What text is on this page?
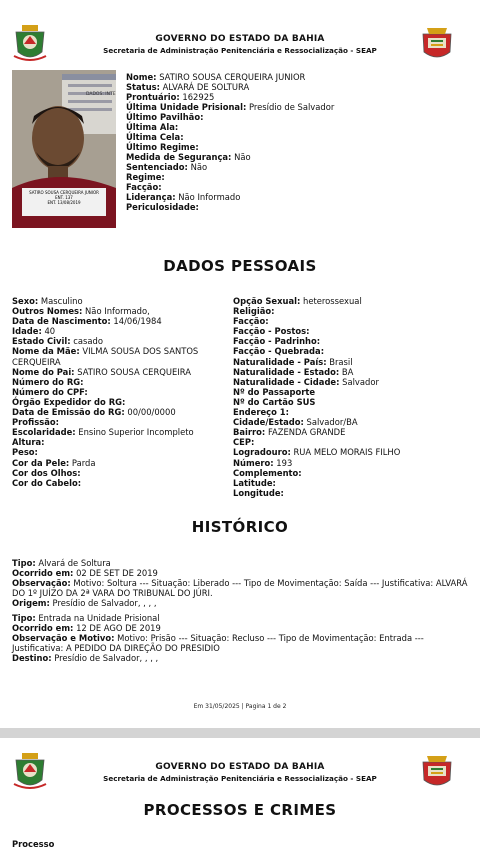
GOVERNO DO ESTADO DA BAHIA
Secretaria de Administração Penitenciária e Ressocialização - SEAP
DADOS: INTE
SATIRO SOUSA CERQUEIRA JUNIOR
ENT. 137
ENT. 13/08/2019
Nome: SATIRO SOUSA CERQUEIRA JUNIOR
Status: ALVARÁ DE SOLTURA
Prontuário: 162925
Última Unidade Prisional: Presídio de Salvador
Último Pavilhão:
Última Ala:
Última Cela:
Último Regime:
Medida de Segurança: Não
Sentenciado: Não
Regime:
Facção:
Liderança: Não Informado
Periculosidade:
DADOS PESSOAIS
Sexo: Masculino
Outros Nomes: Não Informado,
Data de Nascimento: 14/06/1984
Idade: 40
Estado Civil: casado
Nome da Mãe: VILMA SOUSA DOS SANTOS
CERQUEIRA
Nome do Pai: SATIRO SOUSA CERQUEIRA
Número do RG:
Número do CPF:
Órgão Expedidor do RG:
Data de Emissão do RG: 00/00/0000
Profissão:
Escolaridade: Ensino Superior Incompleto
Altura:
Peso:
Cor da Pele: Parda
Cor dos Olhos:
Cor do Cabelo:
Opção Sexual: heterossexual
Religião:
Facção:
Facção - Postos:
Facção - Padrinho:
Facção - Quebrada:
Naturalidade - País: Brasil
Naturalidade - Estado: BA
Naturalidade - Cidade: Salvador
Nº do Passaporte
Nº do Cartão SUS
Endereço 1:
Cidade/Estado: Salvador/BA
Bairro: FAZENDA GRANDE
CEP:
Logradouro: RUA MELO MORAIS FILHO
Número: 193
Complemento:
Latitude:
Longitude:
HISTÓRICO
Tipo: Alvará de Soltura
Ocorrido em: 02 DE SET DE 2019
Observação: Motivo: Soltura --- Situação: Liberado --- Tipo de Movimentação: Saída --- Justificativa: ALVARÁ DO 1º JUÍZO DA 2ª VARA DO TRIBUNAL DO JÚRI.
Origem: Presídio de Salvador, , , ,
Tipo: Entrada na Unidade Prisional
Ocorrido em: 12 DE AGO DE 2019
Observação e Motivo: Motivo: Prisão --- Situação: Recluso --- Tipo de Movimentação: Entrada --- Justificativa: A PEDIDO DA DIREÇÃO DO PRESIDIO
Destino: Presídio de Salvador, , , ,
Em 31/05/2025 | Pagina 1 de 2
GOVERNO DO ESTADO DA BAHIA
Secretaria de Administração Penitenciária e Ressocialização - SEAP
PROCESSOS E CRIMES
Processo
